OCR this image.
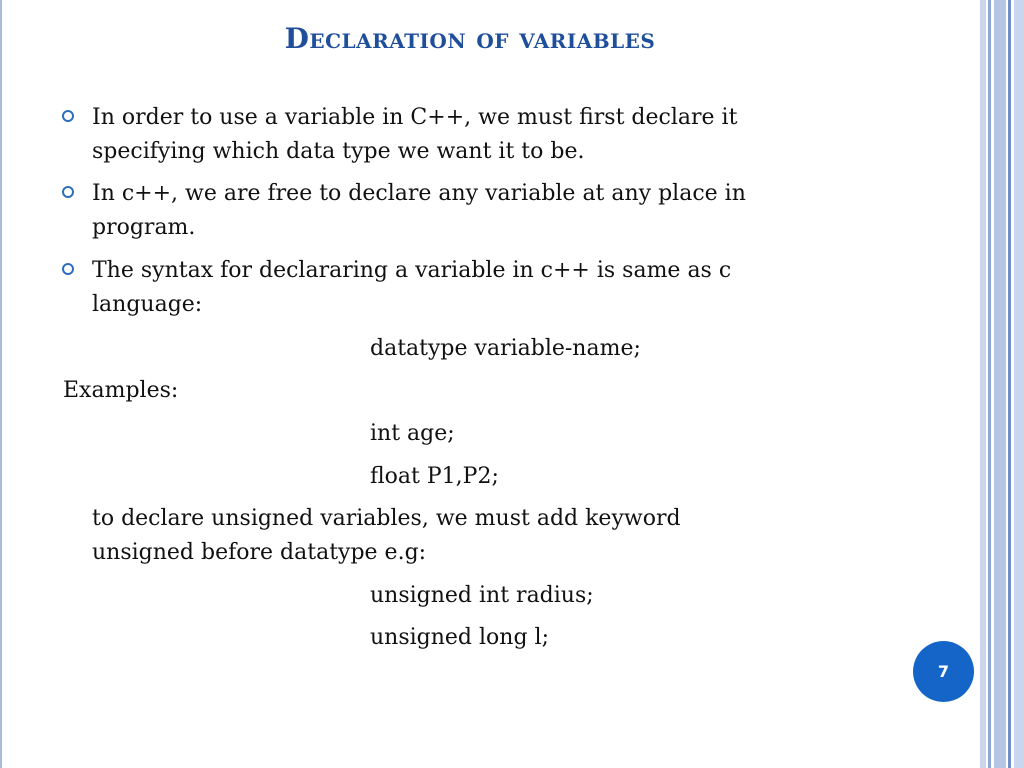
Declaration of variables
In order to use a variable in C++, we must first declare it
specifying which data type we want it to be.
In c++, we are free to declare any variable at any place in
program.
The syntax for declararing a variable in c++ is same as c
language:
datatype variable-name;
Examples:
int age;
float P1,P2;
to declare unsigned variables, we must add keyword
unsigned before datatype e.g:
unsigned int radius;
unsigned long l;
7
